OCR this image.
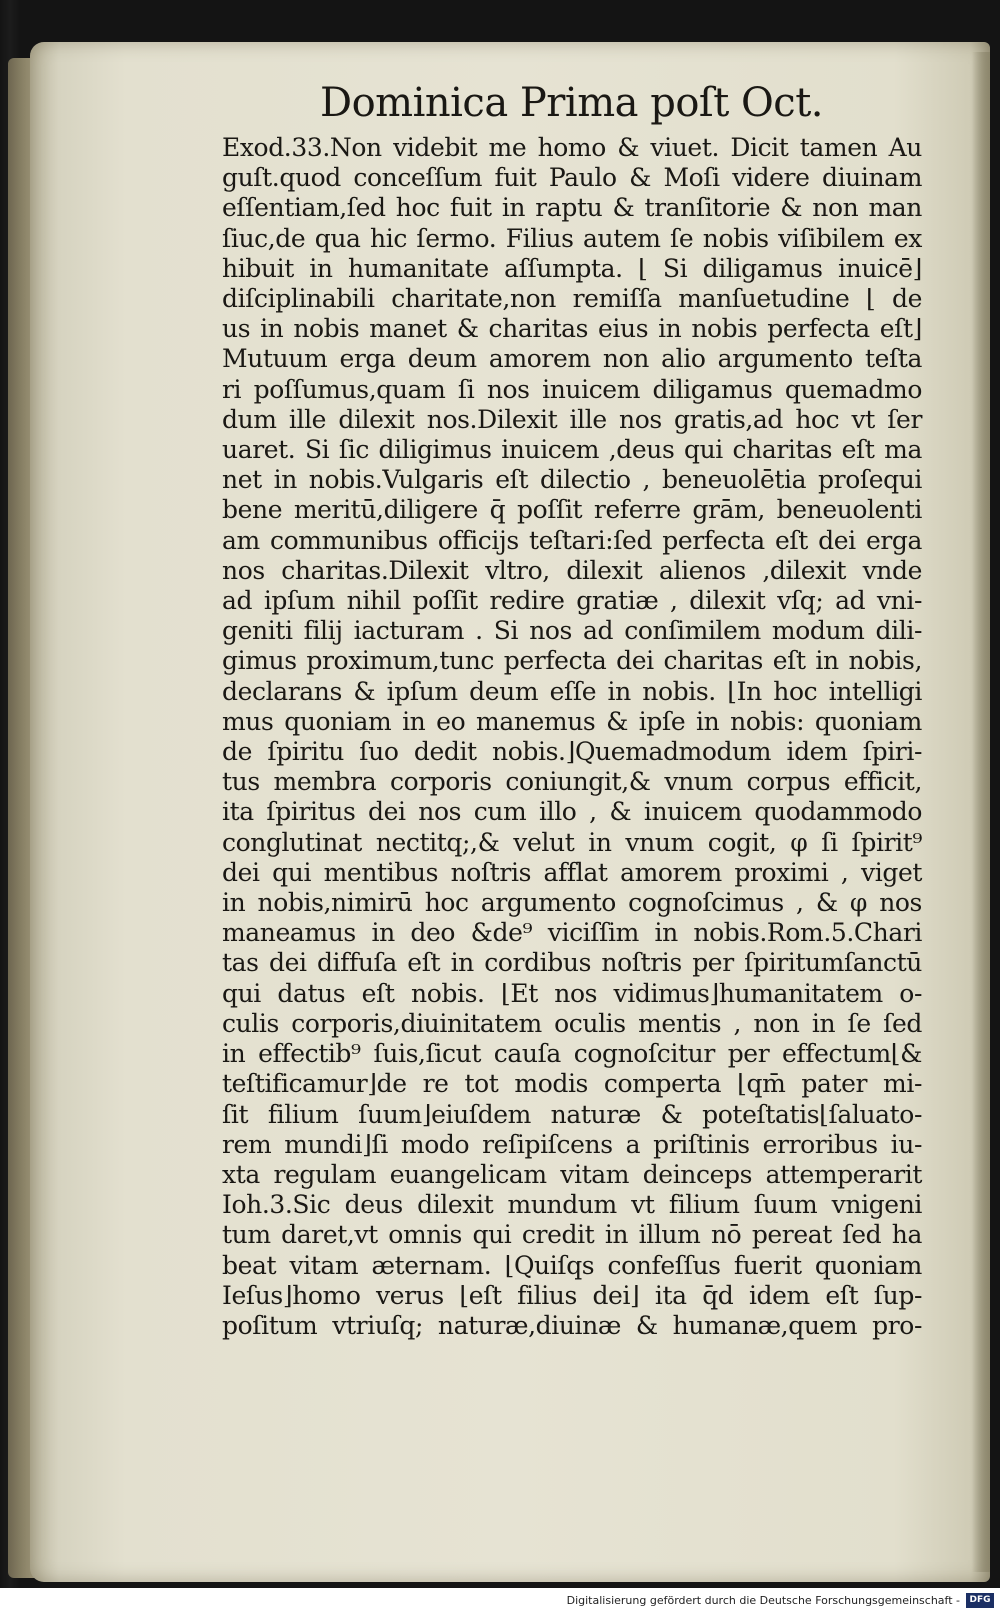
Dominica Prima poſt Oct.
Exod.33.Non videbit me homo & viuet. Dicit tamen Au
guſt.quod conceſſum fuit Paulo & Moſi videre diuinam
eſſentiam,ſed hoc fuit in raptu & tranſitorie & non man
ſiuc,de qua hic ſermo. Filius autem ſe nobis viſibilem ex
hibuit in humanitate aſſumpta. ⌊ Si diligamus inuicē⌋
diſciplinabili charitate,non remiſſa manſuetudine ⌊ de
us in nobis manet & charitas eius in nobis perfecta eſt⌋
Mutuum erga deum amorem non alio argumento teſta
ri poſſumus,quam ſi nos inuicem diligamus quemadmo
dum ille dilexit nos.Dilexit ille nos gratis,ad hoc vt ſer
uaret. Si ſic diligimus inuicem ,deus qui charitas eſt ma
net in nobis.Vulgaris eſt dilectio , beneuolētia proſequi
bene meritū,diligere q̄ poſſit referre grām, beneuolenti
am communibus officijs teſtari:ſed perfecta eſt dei erga
nos charitas.Dilexit vltro, dilexit alienos ,dilexit vnde
ad ipſum nihil poſſit redire gratiæ , dilexit vſq; ad vni-
geniti filij iacturam . Si nos ad conſimilem modum dili-
gimus proximum,tunc perfecta dei charitas eſt in nobis,
declarans & ipſum deum eſſe in nobis. ⌊In hoc intelligi
mus quoniam in eo manemus & ipſe in nobis: quoniam
de ſpiritu ſuo dedit nobis.⌋Quemadmodum idem ſpiri-
tus membra corporis coniungit,& vnum corpus efficit,
ita ſpiritus dei nos cum illo , & inuicem quodammodo
conglutinat nectitq;,& velut in vnum cogit, φ ſi ſpirit⁹
dei qui mentibus noſtris afflat amorem proximi , viget
in nobis,nimirū hoc argumento cognoſcimus , & φ nos
maneamus in deo &de⁹ viciſſim in nobis.Rom.5.Chari
tas dei diffuſa eſt in cordibus noſtris per ſpiritumſanctū
qui datus eſt nobis. ⌊Et nos vidimus⌋humanitatem o-
culis corporis,diuinitatem oculis mentis , non in ſe ſed
in effectib⁹ ſuis,ſicut cauſa cognoſcitur per effectum⌊&
teſtificamur⌋de re tot modis comperta ⌊qm̄ pater mi-
ſit filium ſuum⌋eiuſdem naturæ & poteſtatis⌊ſaluato-
rem mundi⌋ſi modo reſipiſcens a priſtinis erroribus iu-
xta regulam euangelicam vitam deinceps attemperarit
Ioh.3.Sic deus dilexit mundum vt filium ſuum vnigeni
tum daret,vt omnis qui credit in illum nō pereat ſed ha
beat vitam æternam. ⌊Quiſqs confeſſus fuerit quoniam
Ieſus⌋homo verus ⌊eſt filius dei⌋ ita q̄d idem eſt ſup-
poſitum vtriuſq; naturæ,diuinæ & humanæ,quem pro-
Digitalisierung gefördert durch die Deutsche Forschungsgemeinschaft -	DFG
